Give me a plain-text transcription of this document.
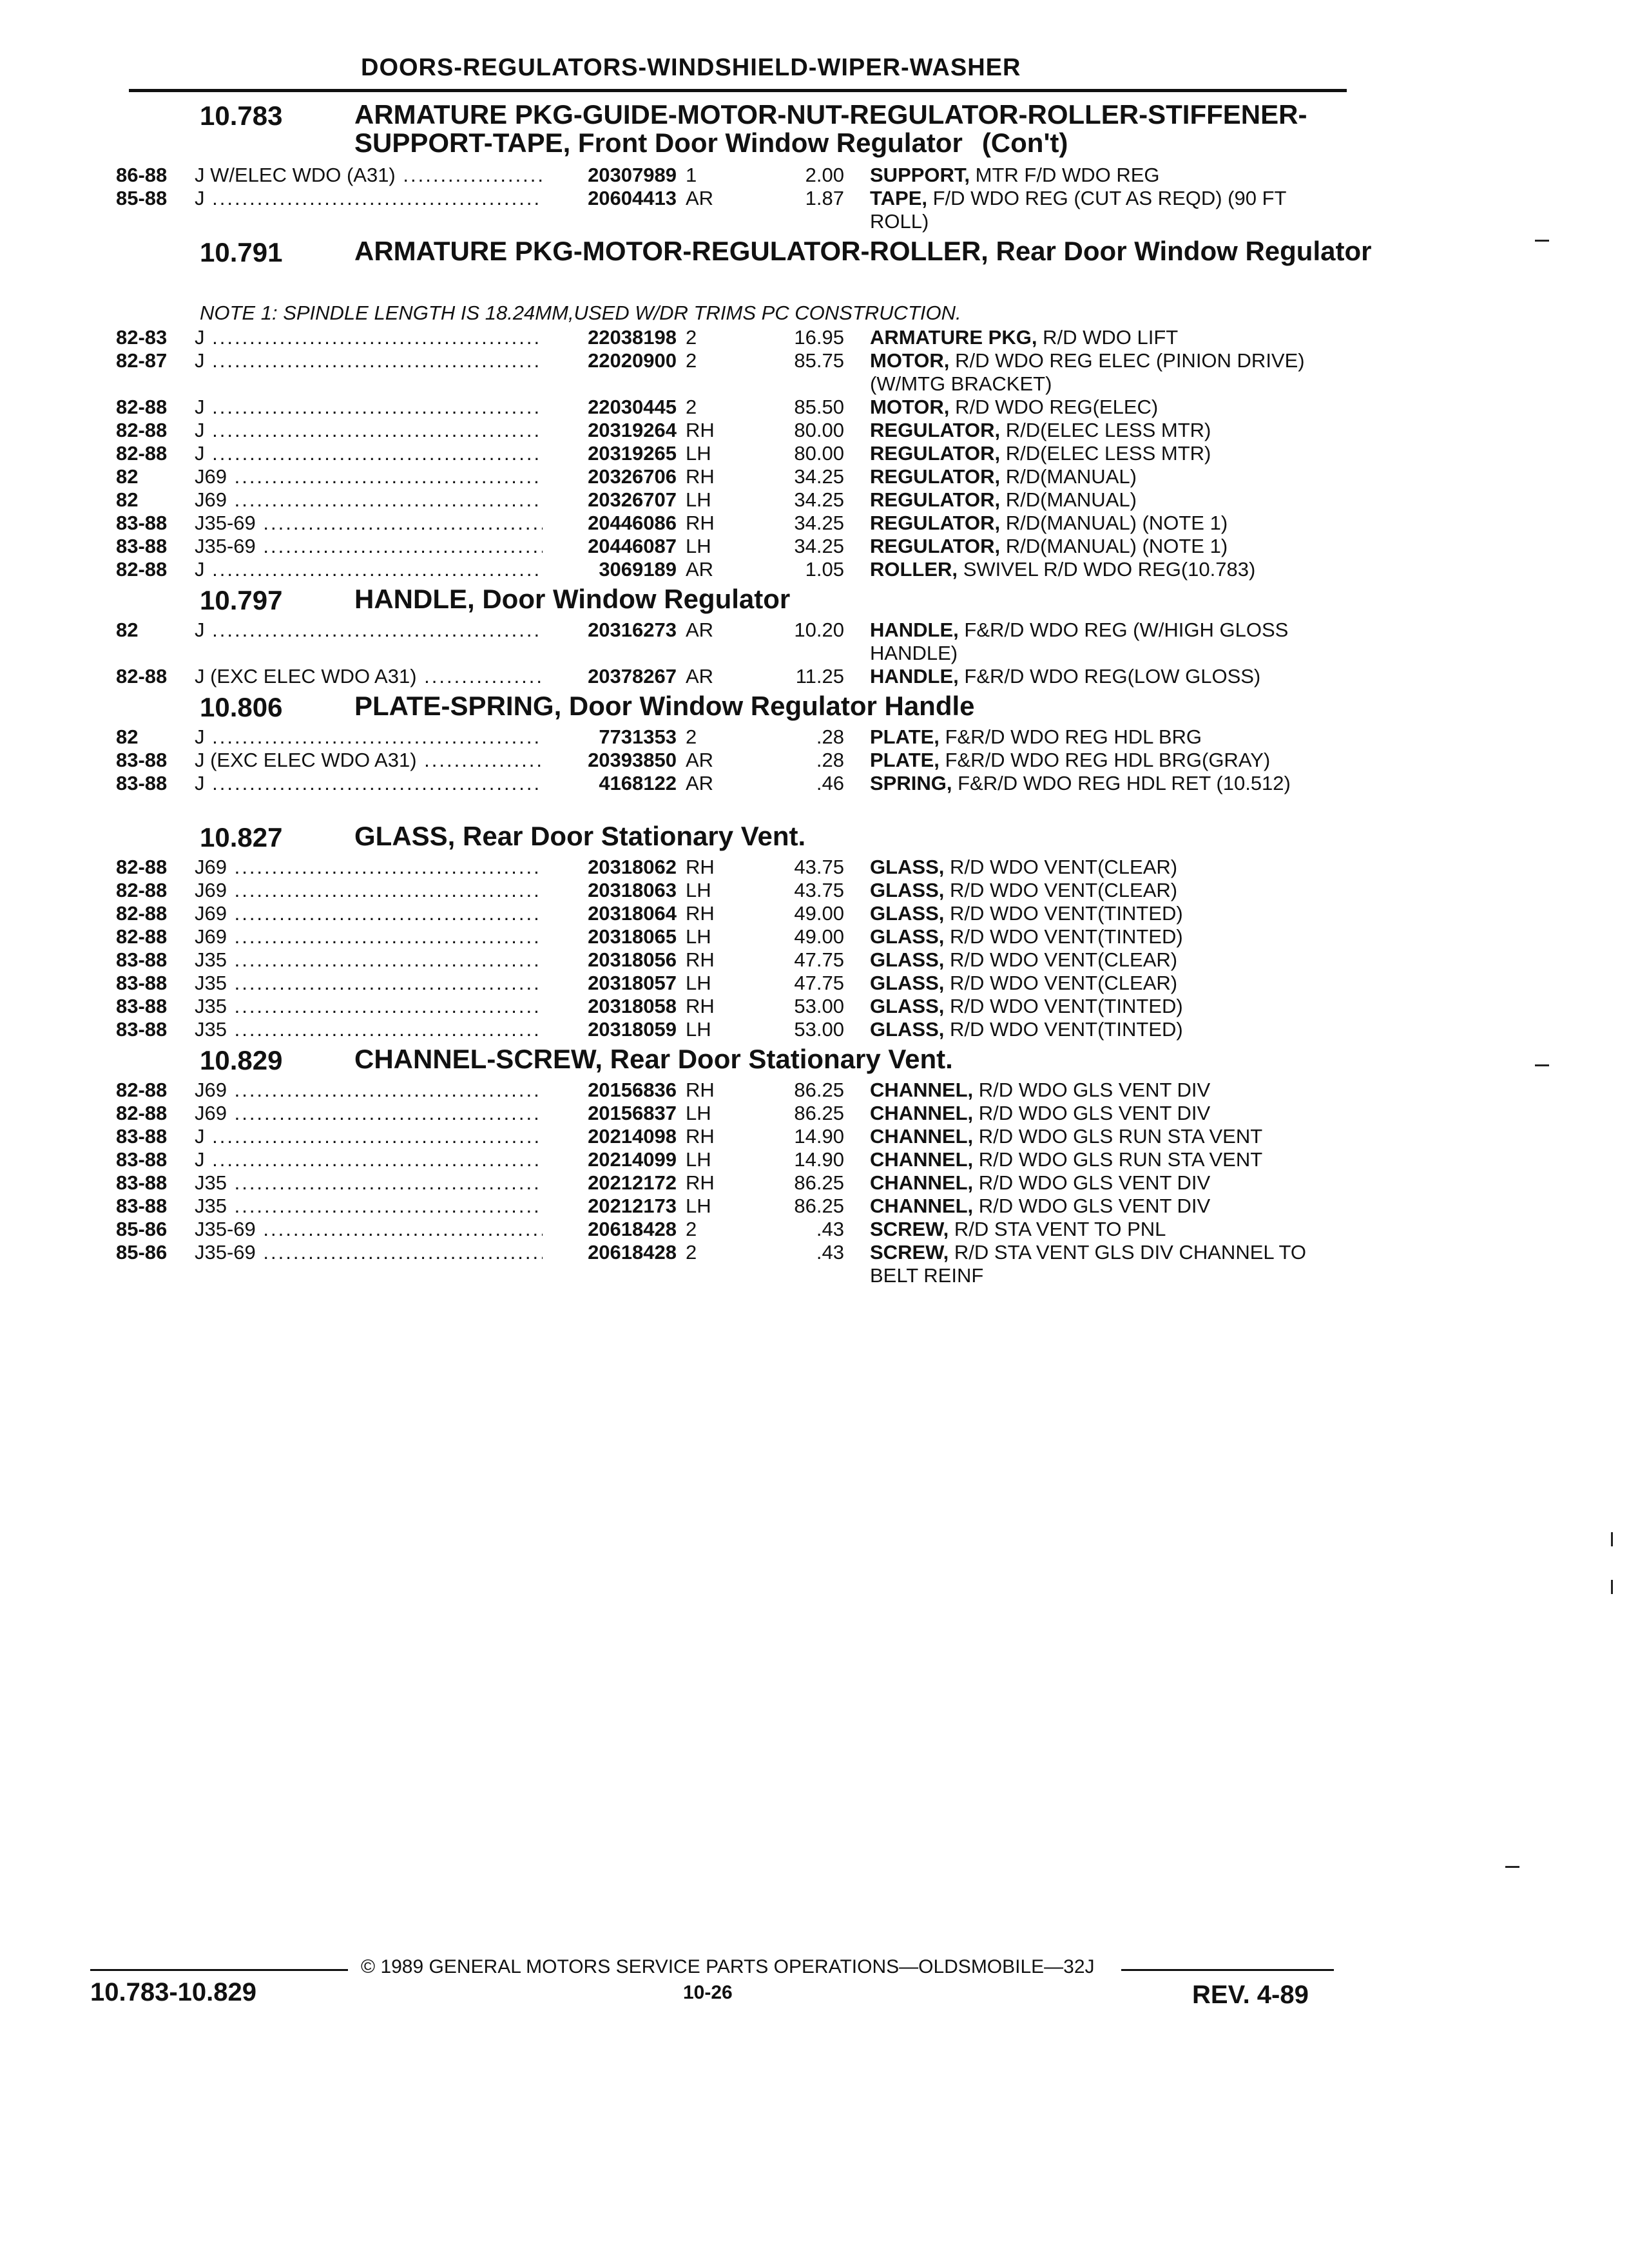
DOORS-REGULATORS-WINDSHIELD-WIPER-WASHER
10.783	ARMATURE PKG-GUIDE-MOTOR-NUT-REGULATOR-ROLLER-STIFFENER-SUPPORT-TAPE, Front Door Window Regulator (Con't)
86-88 J W/ELEC WDO (A31) .....	20307989 1	2.00 SUPPORT, MTR F/D WDO REG
85-88 J .....	20604413 AR	1.87 TAPE, F/D WDO REG (CUT AS REQD) (90 FT ROLL)
10.791	ARMATURE PKG-MOTOR-REGULATOR-ROLLER, Rear Door Window Regulator
NOTE 1: SPINDLE LENGTH IS 18.24MM,USED W/DR TRIMS PC CONSTRUCTION.
82-83 J .....	22038198 2	16.95 ARMATURE PKG, R/D WDO LIFT
82-87 J .....	22020900 2	85.75 MOTOR, R/D WDO REG ELEC (PINION DRIVE) (W/MTG BRACKET)
82-88 J .....	22030445 2	85.50 MOTOR, R/D WDO REG(ELEC)
82-88 J .....	20319264 RH	80.00 REGULATOR, R/D(ELEC LESS MTR)
82-88 J .....	20319265 LH	80.00 REGULATOR, R/D(ELEC LESS MTR)
82	J69 .....	20326706 RH	34.25 REGULATOR, R/D(MANUAL)
82	J69 .....	20326707 LH	34.25 REGULATOR, R/D(MANUAL)
83-88 J35-69 .....	20446086 RH	34.25 REGULATOR, R/D(MANUAL) (NOTE 1)
83-88 J35-69 .....	20446087 LH	34.25 REGULATOR, R/D(MANUAL) (NOTE 1)
82-88 J .....	3069189 AR	1.05 ROLLER, SWIVEL R/D WDO REG(10.783)
10.797	HANDLE, Door Window Regulator
82	J .....	20316273 AR	10.20 HANDLE, F&R/D WDO REG (W/HIGH GLOSS HANDLE)
82-88 J (EXC ELEC WDO A31) .....	20378267 AR	11.25 HANDLE, F&R/D WDO REG(LOW GLOSS)
10.806	PLATE-SPRING, Door Window Regulator Handle
82	J .....	7731353 2	.28 PLATE, F&R/D WDO REG HDL BRG
83-88 J (EXC ELEC WDO A31) .....	20393850 AR	.28 PLATE, F&R/D WDO REG HDL BRG(GRAY)
83-88 J .....	4168122 AR	.46 SPRING, F&R/D WDO REG HDL RET (10.512)
10.827	GLASS, Rear Door Stationary Vent.
82-88 J69 .....	20318062 RH	43.75 GLASS, R/D WDO VENT(CLEAR)
82-88 J69 .....	20318063 LH	43.75 GLASS, R/D WDO VENT(CLEAR)
82-88 J69 .....	20318064 RH	49.00 GLASS, R/D WDO VENT(TINTED)
82-88 J69 .....	20318065 LH	49.00 GLASS, R/D WDO VENT(TINTED)
83-88 J35 .....	20318056 RH	47.75 GLASS, R/D WDO VENT(CLEAR)
83-88 J35 .....	20318057 LH	47.75 GLASS, R/D WDO VENT(CLEAR)
83-88 J35 .....	20318058 RH	53.00 GLASS, R/D WDO VENT(TINTED)
83-88 J35 .....	20318059 LH	53.00 GLASS, R/D WDO VENT(TINTED)
10.829	CHANNEL-SCREW, Rear Door Stationary Vent.
82-88 J69 .....	20156836 RH	86.25 CHANNEL, R/D WDO GLS VENT DIV
82-88 J69 .....	20156837 LH	86.25 CHANNEL, R/D WDO GLS VENT DIV
83-88 J .....	20214098 RH	14.90 CHANNEL, R/D WDO GLS RUN STA VENT
83-88 J .....	20214099 LH	14.90 CHANNEL, R/D WDO GLS RUN STA VENT
83-88 J35 .....	20212172 RH	86.25 CHANNEL, R/D WDO GLS VENT DIV
83-88 J35 .....	20212173 LH	86.25 CHANNEL, R/D WDO GLS VENT DIV
85-86 J35-69 .....	20618428 2	.43 SCREW, R/D STA VENT TO PNL
85-86 J35-69 .....	20618428 2	.43 SCREW, R/D STA VENT GLS DIV CHANNEL TO BELT REINF
© 1989 GENERAL MOTORS SERVICE PARTS OPERATIONS—OLDSMOBILE—32J
10.783-10.829	10-26	REV. 4-89
